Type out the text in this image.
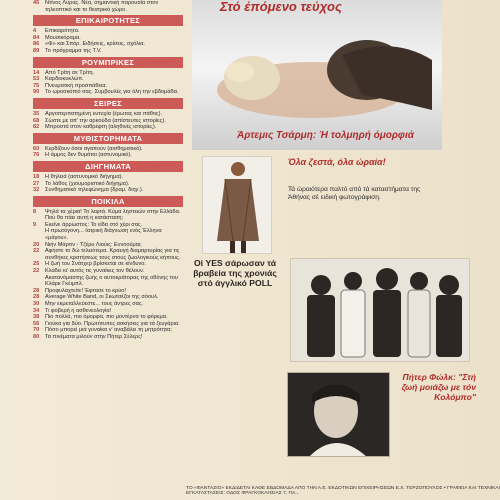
45	Ντίνος Λύρας. Νέα, σημαντική παρουσία στον τηλεοπτικό και το θεατρικό χώρο.
ΕΠΙΚΑΙΡΟΤΗΤΕΣ
4	Επικαιρότητα.
84	Μουσικόραμα.
86	«Φ» και Σπόρ. Ειδήσεις, κρίσεις, σχόλια.
89	Το πρόγραμμα της Τ.V.
ΡΟΥΜΠΡΙΚΕΣ
14	Από Τρίτη σε Τρίτη.
53	Καρδιοκυκλώπ.
75	Πνευματική προσπάθεια.
90	Το ωροσκόπιό σας. Συμβουλές για όλη την εβδομάδα.
ΣΕΙΡΕΣ
35	Αργοπερπατημένη ευτυχία (έρωτας και πάθος).
68	Σώστε με απ' την αρκούδα (απίστευτες ιστορίες).
82	Μπροστά στον καθρέφτη (αληθινές ιστορίες).
ΜΥΘΙΣΤΟΡΗΜΑΤΑ
60	Κερδίζουν όσοι αγαπούν (αισθηματικό).
76	Η άμμος δεν θυμάται (αστυνομικό).
ΔΙΗΓΗΜΑΤΑ
18	Η θηλειά (αστυνομικό διήγημα).
27	Το λάθος (χιουμοριστικό διήγημα).
32	Συνθηματικό τηλεφώνημα (δραμ. διηγ.).
ΠΟΙΚΙΛΑ
8	Ψηλά τα χέρια! Το λεφτά. Κύμα ληστειών στην Ελλάδα. Πού θα πάει αυτή η κατάσταση;
9	Εκείνε άρρωστος: Το είδα στό χέρι σας.
Η πρωτόγονη... Ιατρική διάγνωση ενός Έλληνα «μάγου».
20	Νιήν Μάρτιν - Τζέρυ Λιούις: Εννοούμαι;
22	Αφήστε το δώ τελειότερα. Κραυγή διαμαρτυρίας για τις συνθήκες κρατήσεως τους στους ζωολογικούς κήπους.
25	Η ζωή του Σνάτχερ βρίσκεται σε κίνδυνο.
22	Κλάδει κι' αυτός τις γυναίκες τον θέλουν. Ακατανόμαστης ζωής ο αυτοκράτορας της οθόνης του Κλάρκ Γκέιμπλ.
28	Προφυλαχτείτε! Έφτασε το κρύο!
28	Average White Band, οι Σκωτσέζοι της σόουλ.
30	Μην εκμεταλλεύεστε... τους άντρες σας.
34	Τι φοβερή η ασθενεολογία!
38	Πιο πολλά, πιο όμορφα, πιο μοντέρνα το φόρεμα.
56	Γιούκα για δύο. Πρωτότυπες ασκήσεις για τά ζευγάρια.
70	Πόσο μπορεί μιά γυναίκα ν' αναβάλει τη μητρότητα;
80	Τα πινέματα μιλούν στην Πήτερ Σέλερς!
Στό έπόμενο τεύχος
Άρτεμις Τσάρμη: Ή τολμηρή όμορφιά
Όλα ζεστά, όλα ώραία!
Τά ώραιότερα παλτό από τά καταστήματα της Άθήνας σέ ειδική φωτογράφιση.
Οί YES σάρωσαν τά βραβεία της χρονιάς στό άγγλικό POLL
Πήτερ Φώλκ: "Στή ζωή μοιάζω με τόν Κολόμπο"
ΤΟ «ΦΑΝΤΑΖΙΟ» ΕΚΔΙΔΕΤΑΙ ΚΑΘΕ ΕΒΔΟΜΑΔΑ ΑΠΟ ΤΗΝ Α.Ε. ΕΚΔΟΤΙΚΩΝ ΕΠΙΧΕΙΡΗΣΕΩΝ Ε.Χ. ΤΕΡΖΟΠΟΥΛΟΣ • ΓΡΑΦΕΙΑ ΚΑΙ ΤΕΧΝΙΚΑΙ ΕΓΚΑΤΑΣΤΑΣΕΙΣ: ΟΔΟΣ ΦΡΑΓΚΟΚΛΗΣΙΑΣ 7, ΠΑ...
